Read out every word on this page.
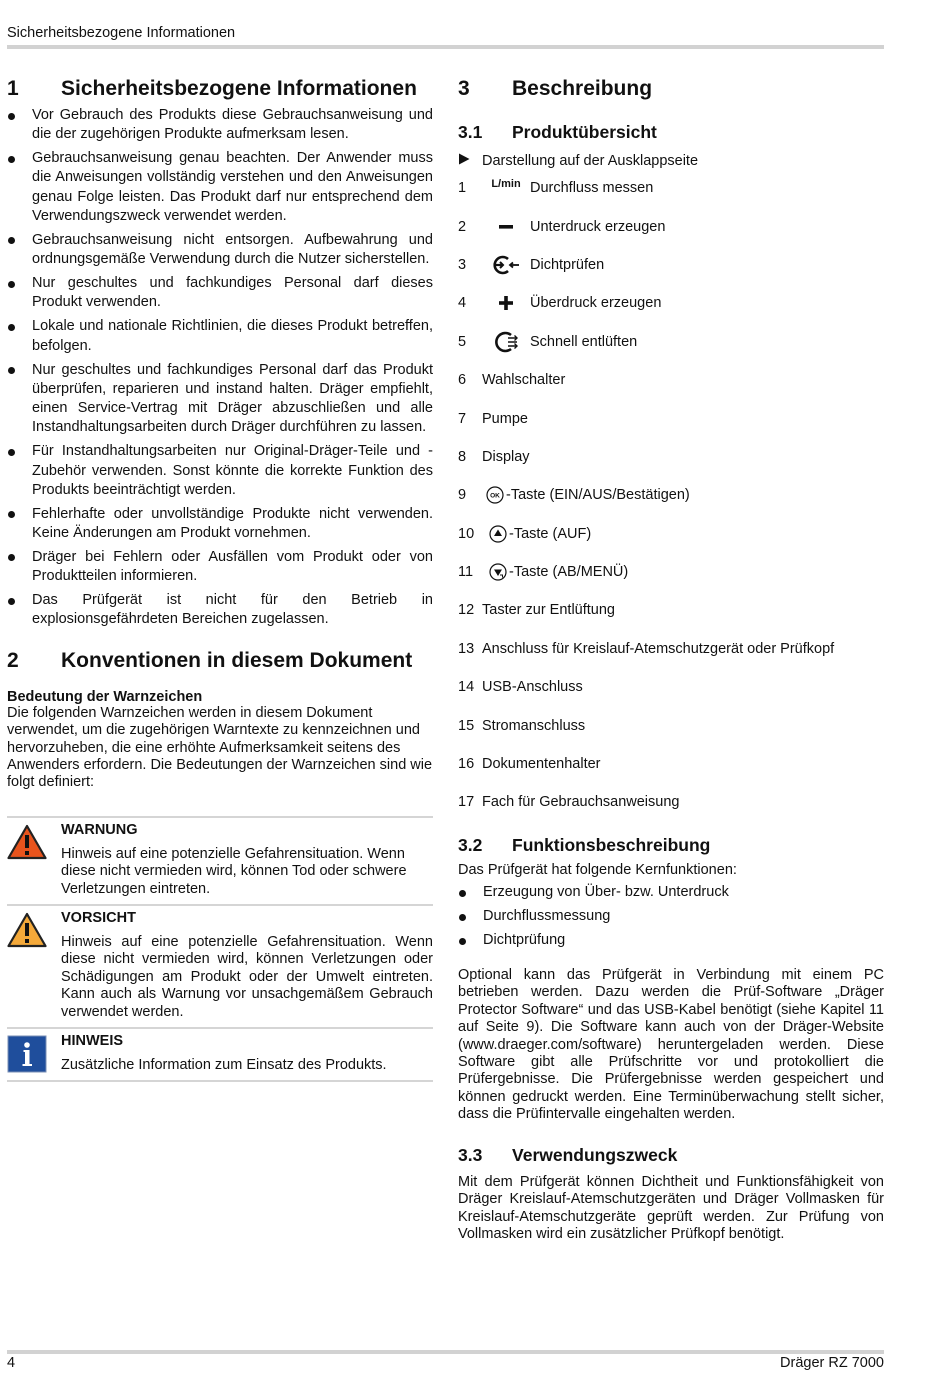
Sicherheitsbezogene Informationen
1	Sicherheitsbezogene Informationen
Vor Gebrauch des Produkts diese Gebrauchsanweisung und die der zugehörigen Produkte aufmerksam lesen.
Gebrauchsanweisung genau beachten. Der Anwender muss die Anweisungen vollständig verstehen und den Anweisungen genau Folge leisten. Das Produkt darf nur entsprechend dem Verwendungszweck verwendet werden.
Gebrauchsanweisung nicht entsorgen. Aufbewahrung und ordnungsgemäße Verwendung durch die Nutzer sicherstellen.
Nur geschultes und fachkundiges Personal darf dieses Produkt verwenden.
Lokale und nationale Richtlinien, die dieses Produkt betreffen, befolgen.
Nur geschultes und fachkundiges Personal darf das Produkt überprüfen, reparieren und instand halten. Dräger empfiehlt, einen Service-Vertrag mit Dräger abzuschließen und alle Instandhaltungsarbeiten durch Dräger durchführen zu lassen.
Für Instandhaltungsarbeiten nur Original-Dräger-Teile und -Zubehör verwenden. Sonst könnte die korrekte Funktion des Produkts beeinträchtigt werden.
Fehlerhafte oder unvollständige Produkte nicht verwenden. Keine Änderungen am Produkt vornehmen.
Dräger bei Fehlern oder Ausfällen vom Produkt oder von Produktteilen informieren.
Das Prüfgerät ist nicht für den Betrieb in explosionsgefährdeten Bereichen zugelassen.
2	Konventionen in diesem Dokument
Bedeutung der Warnzeichen

Die folgenden Warnzeichen werden in diesem Dokument verwendet, um die zugehörigen Warntexte zu kennzeichnen und hervorzuheben, die eine erhöhte Aufmerksamkeit seitens des Anwenders erfordern. Die Bedeutungen der Warnzeichen sind wie folgt definiert:

WARNUNG

Hinweis auf eine potenzielle Gefahrensituation. Wenn diese nicht vermieden wird, können Tod oder schwere Verletzungen eintreten.

VORSICHT

Hinweis auf eine potenzielle Gefahrensituation. Wenn diese nicht vermieden wird, können Verletzungen oder Schädigungen am Produkt oder der Umwelt eintreten. Kann auch als Warnung vor unsachgemäßem Gebrauch verwendet werden.

HINWEIS

Zusätzliche Information zum Einsatz des Produkts.

3	Beschreibung
3.1	Produktübersicht
Darstellung auf der Ausklappseite
1	L/min Durchfluss messen
2	Unterdruck erzeugen
3	Dichtprüfen
4	Überdruck erzeugen
5	Schnell entlüften
6	Wahlschalter
7	Pumpe
8	Display
9	OK -Taste (EIN/AUS/Bestätigen)
10	-Taste (AUF)
11	-Taste (AB/MENÜ)
12 Taster zur Entlüftung
13 Anschluss für Kreislauf-Atemschutzgerät oder Prüfkopf
14 USB-Anschluss
15 Stromanschluss
16 Dokumentenhalter
17 Fach für Gebrauchsanweisung
3.2	Funktionsbeschreibung

Das Prüfgerät hat folgende Kernfunktionen:

Erzeugung von Über- bzw. Unterdruck
Durchflussmessung
Dichtprüfung

Optional kann das Prüfgerät in Verbindung mit einem PC betrieben werden. Dazu werden die Prüf-Software „Dräger Protector Software“ und das USB-Kabel benötigt (siehe Kapitel 11 auf Seite 9). Die Software kann auch von der Dräger-Website (www.draeger.com/software) heruntergeladen werden. Diese Software gibt alle Prüfschritte vor und protokolliert die Prüfergebnisse. Die Prüfergebnisse werden gespeichert und können gedruckt werden. Eine Terminüberwachung stellt sicher, dass die Prüfintervalle eingehalten werden.

3.3	Verwendungszweck

Mit dem Prüfgerät können Dichtheit und Funktionsfähigkeit von Dräger Kreislauf-Atemschutzgeräten und Dräger Vollmasken für Kreislauf-Atemschutzgeräte geprüft werden. Zur Prüfung von Vollmasken wird ein zusätzlicher Prüfkopf benötigt.

4	Dräger RZ 7000
